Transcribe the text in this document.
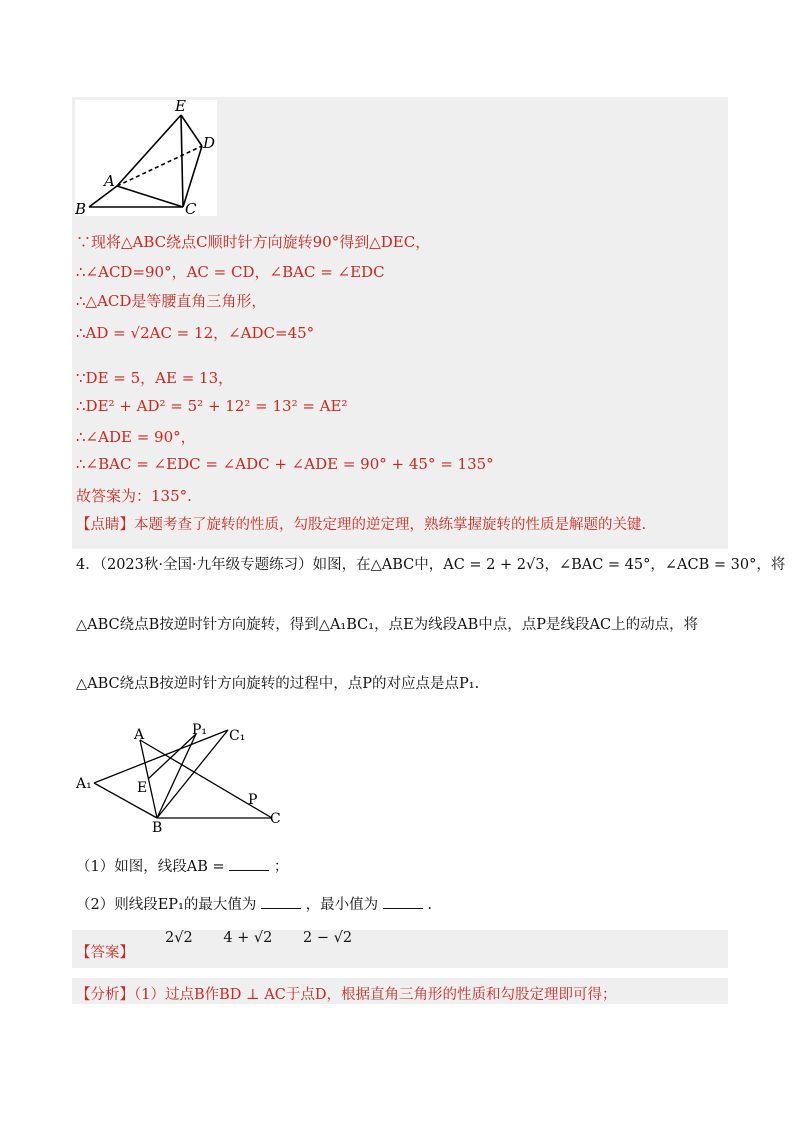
E
D
A
B	C
∵现将△ABC绕点C顺时针方向旋转90°得到△DEC，
∴∠ACD=90°，AC = CD，∠BAC = ∠EDC
∴△ACD是等腰直角三角形，
∴AD = √2AC = 12，∠ADC=45°
∵DE = 5，AE = 13，
∴DE² + AD² = 5² + 12² = 13² = AE²
∴∠ADE = 90°，
∴∠BAC = ∠EDC = ∠ADC + ∠ADE = 90° + 45° = 135°
故答案为：135°.
【点睛】本题考查了旋转的性质，勾股定理的逆定理，熟练掌握旋转的性质是解题的关键.
4．（2023秋·全国·九年级专题练习）如图，在△ABC中，AC = 2 + 2√3，∠BAC = 45°，∠ACB = 30°，将
△ABC绕点B按逆时针方向旋转，得到△A₁BC₁，点E为线段AB中点，点P是线段AC上的动点，将
△ABC绕点B按逆时针方向旋转的过程中，点P的对应点是点P₁.
A	P₁ C₁
A₁	E
P
C
B
（1）如图，线段AB =	；
（2）则线段EP₁的最大值为	，最小值为	.
【答案】
2√2 4 + √2 2 − √2
【分析】（1）过点B作BD ⊥ AC于点D，根据直角三角形的性质和勾股定理即可得；
